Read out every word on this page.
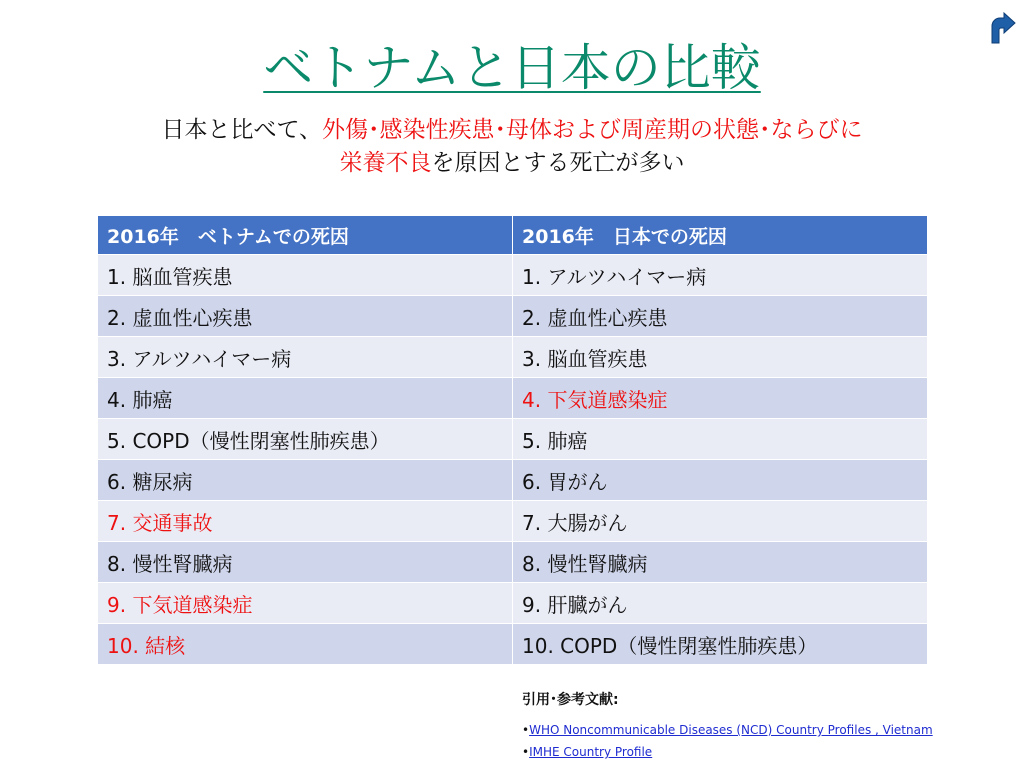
ベトナムと日本の比較
日本と比べて、外傷･感染性疾患･母体および周産期の状態･ならびに
栄養不良を原因とする死亡が多い
2016年　ベトナムでの死因	2016年　日本での死因
1. 脳血管疾患	1. アルツハイマー病
2. 虚血性心疾患	2. 虚血性心疾患
3. アルツハイマー病	3. 脳血管疾患
4. 肺癌	4. 下気道感染症
5. COPD（慢性閉塞性肺疾患）	5. 肺癌
6. 糖尿病	6. 胃がん
7. 交通事故	7. 大腸がん
8. 慢性腎臓病	8. 慢性腎臓病
9. 下気道感染症	9. 肝臓がん
10. 結核	10. COPD（慢性閉塞性肺疾患）
引用･参考文献:
•WHO Noncommunicable Diseases (NCD) Country Profiles , Vietnam
•IMHE Country Profile
